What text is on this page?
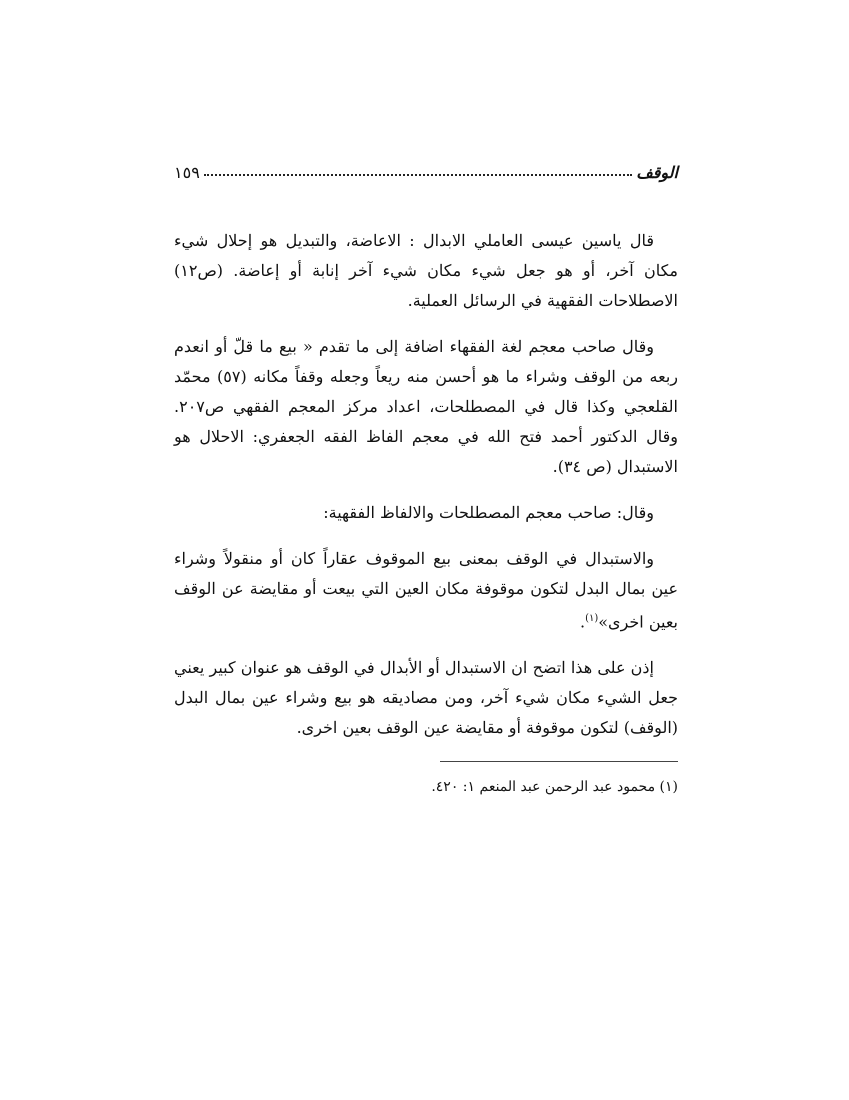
الوقف
١٥٩

قال ياسين عيسى العاملي الابدال : الاعاضة، والتبديل هو إحلال شيء مكان آخر، أو هو جعل شيء مكان شيء آخر إنابة أو إعاضة. (ص١٢) الاصطلاحات الفقهية في الرسائل العملية.

وقال صاحب معجم لغة الفقهاء اضافة إلى ما تقدم « بيع ما قلّ أو انعدم ربعه من الوقف وشراء ما هو أحسن منه ريعاً وجعله وقفاً مكانه (٥٧) محمّد القلعجي وكذا قال في المصطلحات، اعداد مركز المعجم الفقهي ص٢٠٧. وقال الدكتور أحمد فتح الله في معجم الفاظ الفقه الجعفري: الاحلال هو الاستبدال (ص ٣٤).

وقال: صاحب معجم المصطلحات والالفاظ الفقهية:

والاستبدال في الوقف بمعنى بيع الموقوف عقاراً كان أو منقولاً وشراء عين بمال البدل لتكون موقوفة مكان العين التي بيعت أو مقايضة عن الوقف بعين اخرى»$^{(١)}$.

إذن على هذا اتضح ان الاستبدال أو الأبدال في الوقف هو عنوان كبير يعني جعل الشيء مكان شيء آخر، ومن مصاديقه هو بيع وشراء عين بمال البدل (الوقف) لتكون موقوفة أو مقايضة عين الوقف بعين اخرى.

(١) محمود عبد الرحمن عبد المنعم ١: ٤٢٠.
